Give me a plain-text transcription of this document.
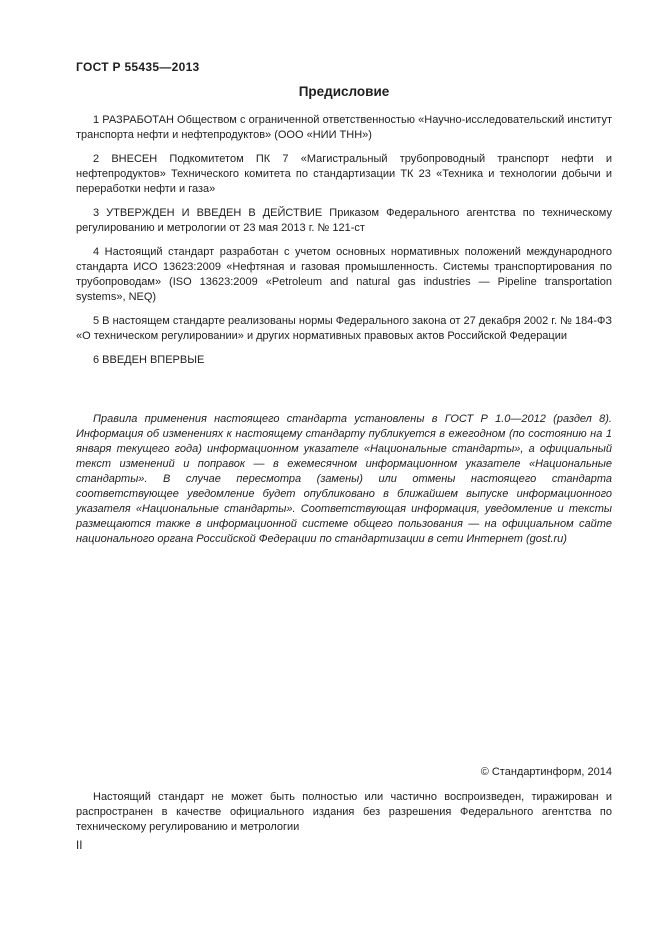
ГОСТ Р 55435—2013
Предисловие
1 РАЗРАБОТАН Обществом с ограниченной ответственностью «Научно-исследовательский институт транспорта нефти и нефтепродуктов» (ООО «НИИ ТНН»)
2 ВНЕСЕН Подкомитетом ПК 7 «Магистральный трубопроводный транспорт нефти и нефтепродуктов» Технического комитета по стандартизации ТК 23 «Техника и технологии добычи и переработки нефти и газа»
3 УТВЕРЖДЕН И ВВЕДЕН В ДЕЙСТВИЕ Приказом Федерального агентства по техническому регулированию и метрологии от 23 мая 2013 г. № 121-ст
4 Настоящий стандарт разработан с учетом основных нормативных положений международного стандарта ИСО 13623:2009 «Нефтяная и газовая промышленность. Системы транспортирования по трубопроводам» (ISO 13623:2009 «Petroleum and natural gas industries — Pipeline transportation systems», NEQ)
5 В настоящем стандарте реализованы нормы Федерального закона от 27 декабря 2002 г. № 184-ФЗ «О техническом регулировании» и других нормативных правовых актов Российской Федерации
6 ВВЕДЕН ВПЕРВЫЕ
Правила применения настоящего стандарта установлены в ГОСТ Р 1.0—2012 (раздел 8). Информация об изменениях к настоящему стандарту публикуется в ежегодном (по состоянию на 1 января текущего года) информационном указателе «Национальные стандарты», а официальный текст изменений и поправок — в ежемесячном информационном указателе «Национальные стандарты». В случае пересмотра (замены) или отмены настоящего стандарта соответствующее уведомление будет опубликовано в ближайшем выпуске информационного указателя «Национальные стандарты». Соответствующая информация, уведомление и тексты размещаются также в информационной системе общего пользования — на официальном сайте национального органа Российской Федерации по стандартизации в сети Интернет (gost.ru)
© Стандартинформ, 2014
Настоящий стандарт не может быть полностью или частично воспроизведен, тиражирован и распространен в качестве официального издания без разрешения Федерального агентства по техническому регулированию и метрологии
II
